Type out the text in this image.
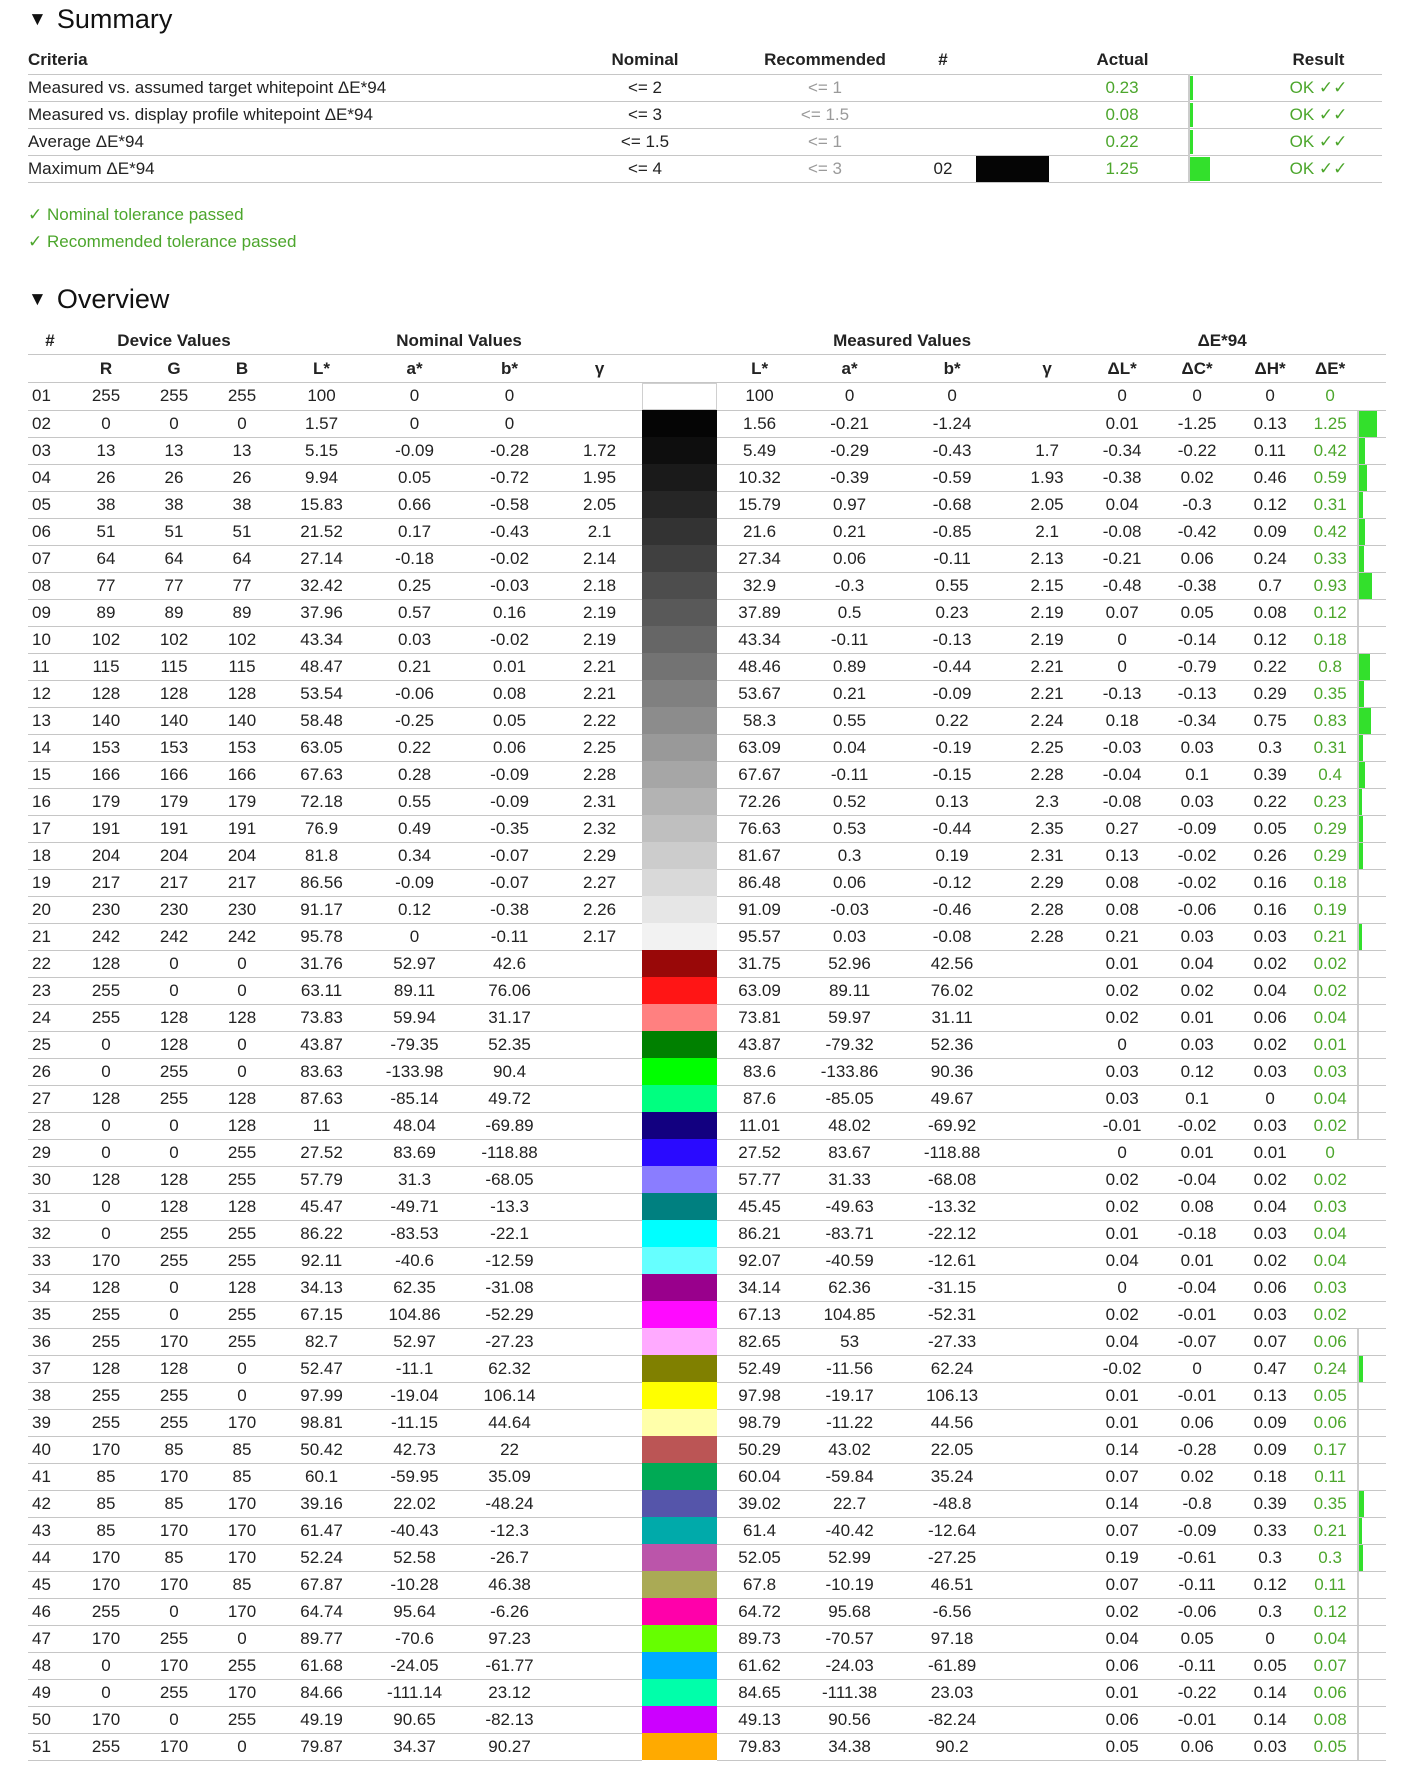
▼ Summary
Criteria	Nominal	Recommended	#		Actual		Result
Measured vs. assumed target whitepoint ΔE*94	<= 2	<= 1			0.23		OK ✓✓
Measured vs. display profile whitepoint ΔE*94	<= 3	<= 1.5			0.08		OK ✓✓
Average ΔE*94	<= 1.5	<= 1			0.22		OK ✓✓
Maximum ΔE*94	<= 4	<= 3	02		1.25		OK ✓✓
✓ Nominal tolerance passed
✓ Recommended tolerance passed
▼ Overview
#	Device Values			Nominal Values					Measured Values				ΔE*94				
	R	G	B	L*	a*	b*	γ		L*	a*	b*	γ	ΔL*	ΔC*	ΔH*	ΔE*	
01	255	255	255	100	0	0			100	0	0		0	0	0	0	
02	0	0	0	1.57	0	0			1.56	-0.21	-1.24		0.01	-1.25	0.13	1.25	

03	13	13	13	5.15	-0.09	-0.28	1.72		5.49	-0.29	-0.43	1.7	-0.34	-0.22	0.11	0.42	

04	26	26	26	9.94	0.05	-0.72	1.95		10.32	-0.39	-0.59	1.93	-0.38	0.02	0.46	0.59	

05	38	38	38	15.83	0.66	-0.58	2.05		15.79	0.97	-0.68	2.05	0.04	-0.3	0.12	0.31	

06	51	51	51	21.52	0.17	-0.43	2.1		21.6	0.21	-0.85	2.1	-0.08	-0.42	0.09	0.42	

07	64	64	64	27.14	-0.18	-0.02	2.14		27.34	0.06	-0.11	2.13	-0.21	0.06	0.24	0.33	

08	77	77	77	32.42	0.25	-0.03	2.18		32.9	-0.3	0.55	2.15	-0.48	-0.38	0.7	0.93	

09	89	89	89	37.96	0.57	0.16	2.19		37.89	0.5	0.23	2.19	0.07	0.05	0.08	0.12	

10	102	102	102	43.34	0.03	-0.02	2.19		43.34	-0.11	-0.13	2.19	0	-0.14	0.12	0.18	

11	115	115	115	48.47	0.21	0.01	2.21		48.46	0.89	-0.44	2.21	0	-0.79	0.22	0.8	

12	128	128	128	53.54	-0.06	0.08	2.21		53.67	0.21	-0.09	2.21	-0.13	-0.13	0.29	0.35	

13	140	140	140	58.48	-0.25	0.05	2.22		58.3	0.55	0.22	2.24	0.18	-0.34	0.75	0.83	

14	153	153	153	63.05	0.22	0.06	2.25		63.09	0.04	-0.19	2.25	-0.03	0.03	0.3	0.31	

15	166	166	166	67.63	0.28	-0.09	2.28		67.67	-0.11	-0.15	2.28	-0.04	0.1	0.39	0.4	

16	179	179	179	72.18	0.55	-0.09	2.31		72.26	0.52	0.13	2.3	-0.08	0.03	0.22	0.23	

17	191	191	191	76.9	0.49	-0.35	2.32		76.63	0.53	-0.44	2.35	0.27	-0.09	0.05	0.29	

18	204	204	204	81.8	0.34	-0.07	2.29		81.67	0.3	0.19	2.31	0.13	-0.02	0.26	0.29	

19	217	217	217	86.56	-0.09	-0.07	2.27		86.48	0.06	-0.12	2.29	0.08	-0.02	0.16	0.18	

20	230	230	230	91.17	0.12	-0.38	2.26		91.09	-0.03	-0.46	2.28	0.08	-0.06	0.16	0.19	

21	242	242	242	95.78	0	-0.11	2.17		95.57	0.03	-0.08	2.28	0.21	0.03	0.03	0.21	

22	128	0	0	31.76	52.97	42.6			31.75	52.96	42.56		0.01	0.04	0.02	0.02	

23	255	0	0	63.11	89.11	76.06			63.09	89.11	76.02		0.02	0.02	0.04	0.02	

24	255	128	128	73.83	59.94	31.17			73.81	59.97	31.11		0.02	0.01	0.06	0.04	

25	0	128	0	43.87	-79.35	52.35			43.87	-79.32	52.36		0	0.03	0.02	0.01	

26	0	255	0	83.63	-133.98	90.4			83.6	-133.86	90.36		0.03	0.12	0.03	0.03	

27	128	255	128	87.63	-85.14	49.72			87.6	-85.05	49.67		0.03	0.1	0	0.04	

28	0	0	128	11	48.04	-69.89			11.01	48.02	-69.92		-0.01	-0.02	0.03	0.02	

29	0	0	255	27.52	83.69	-118.88			27.52	83.67	-118.88		0	0.01	0.01	0	
30	128	128	255	57.79	31.3	-68.05			57.77	31.33	-68.08		0.02	-0.04	0.02	0.02	
31	0	128	128	45.47	-49.71	-13.3			45.45	-49.63	-13.32		0.02	0.08	0.04	0.03	
32	0	255	255	86.22	-83.53	-22.1			86.21	-83.71	-22.12		0.01	-0.18	0.03	0.04	
33	170	255	255	92.11	-40.6	-12.59			92.07	-40.59	-12.61		0.04	0.01	0.02	0.04	
34	128	0	128	34.13	62.35	-31.08			34.14	62.36	-31.15		0	-0.04	0.06	0.03	
35	255	0	255	67.15	104.86	-52.29			67.13	104.85	-52.31		0.02	-0.01	0.03	0.02	
36	255	170	255	82.7	52.97	-27.23			82.65	53	-27.33		0.04	-0.07	0.07	0.06	

37	128	128	0	52.47	-11.1	62.32			52.49	-11.56	62.24		-0.02	0	0.47	0.24	

38	255	255	0	97.99	-19.04	106.14			97.98	-19.17	106.13		0.01	-0.01	0.13	0.05	

39	255	255	170	98.81	-11.15	44.64			98.79	-11.22	44.56		0.01	0.06	0.09	0.06	

40	170	85	85	50.42	42.73	22			50.29	43.02	22.05		0.14	-0.28	0.09	0.17	

41	85	170	85	60.1	-59.95	35.09			60.04	-59.84	35.24		0.07	0.02	0.18	0.11	

42	85	85	170	39.16	22.02	-48.24			39.02	22.7	-48.8		0.14	-0.8	0.39	0.35	

43	85	170	170	61.47	-40.43	-12.3			61.4	-40.42	-12.64		0.07	-0.09	0.33	0.21	

44	170	85	170	52.24	52.58	-26.7			52.05	52.99	-27.25		0.19	-0.61	0.3	0.3	

45	170	170	85	67.87	-10.28	46.38			67.8	-10.19	46.51		0.07	-0.11	0.12	0.11	

46	255	0	170	64.74	95.64	-6.26			64.72	95.68	-6.56		0.02	-0.06	0.3	0.12	

47	170	255	0	89.77	-70.6	97.23			89.73	-70.57	97.18		0.04	0.05	0	0.04	

48	0	170	255	61.68	-24.05	-61.77			61.62	-24.03	-61.89		0.06	-0.11	0.05	0.07	

49	0	255	170	84.66	-111.14	23.12			84.65	-111.38	23.03		0.01	-0.22	0.14	0.06	

50	170	0	255	49.19	90.65	-82.13			49.13	90.56	-82.24		0.06	-0.01	0.14	0.08	

51	255	170	0	79.87	34.37	90.27			79.83	34.38	90.2		0.05	0.06	0.03	0.05	
